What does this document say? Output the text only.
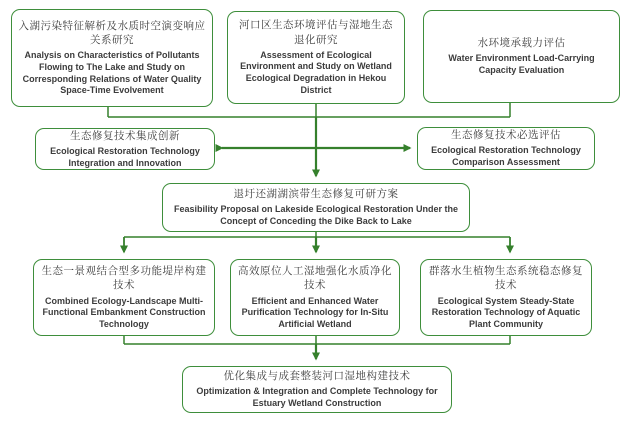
入湖污染特征解析及水质时空演变响应关系研究
Analysis on Characteristics of Pollutants Flowing to The Lake and Study on Corresponding Relations of Water Quality Space-Time Evolvement
河口区生态环境评估与湿地生态退化研究
Assessment of Ecological Environment and Study on Wetland Ecological Degradation in Hekou District
水环境承载力评估
Water Environment Load-Carrying Capacity Evaluation
生态修复技术集成创新
Ecological Restoration Technology Integration and Innovation
生态修复技术必选评估
Ecological Restoration Technology Comparison Assessment
退圩还湖湖滨带生态修复可研方案
Feasibility Proposal on Lakeside Ecological Restoration Under the Concept of Conceding the Dike Back to Lake
生态一景观结合型多功能堤岸构建技术
Combined Ecology-Landscape Multi-Functional Embankment Construction Technology
高效原位人工湿地强化水质净化技术
Efficient and Enhanced Water Purification Technology for In-Situ Artificial Wetland
群落水生植物生态系统稳态修复技术
Ecological System Steady-State Restoration Technology of Aquatic Plant Community
优化集成与成套整装河口湿地构建技术
Optimization & Integration and Complete Technology for Estuary Wetland Construction
